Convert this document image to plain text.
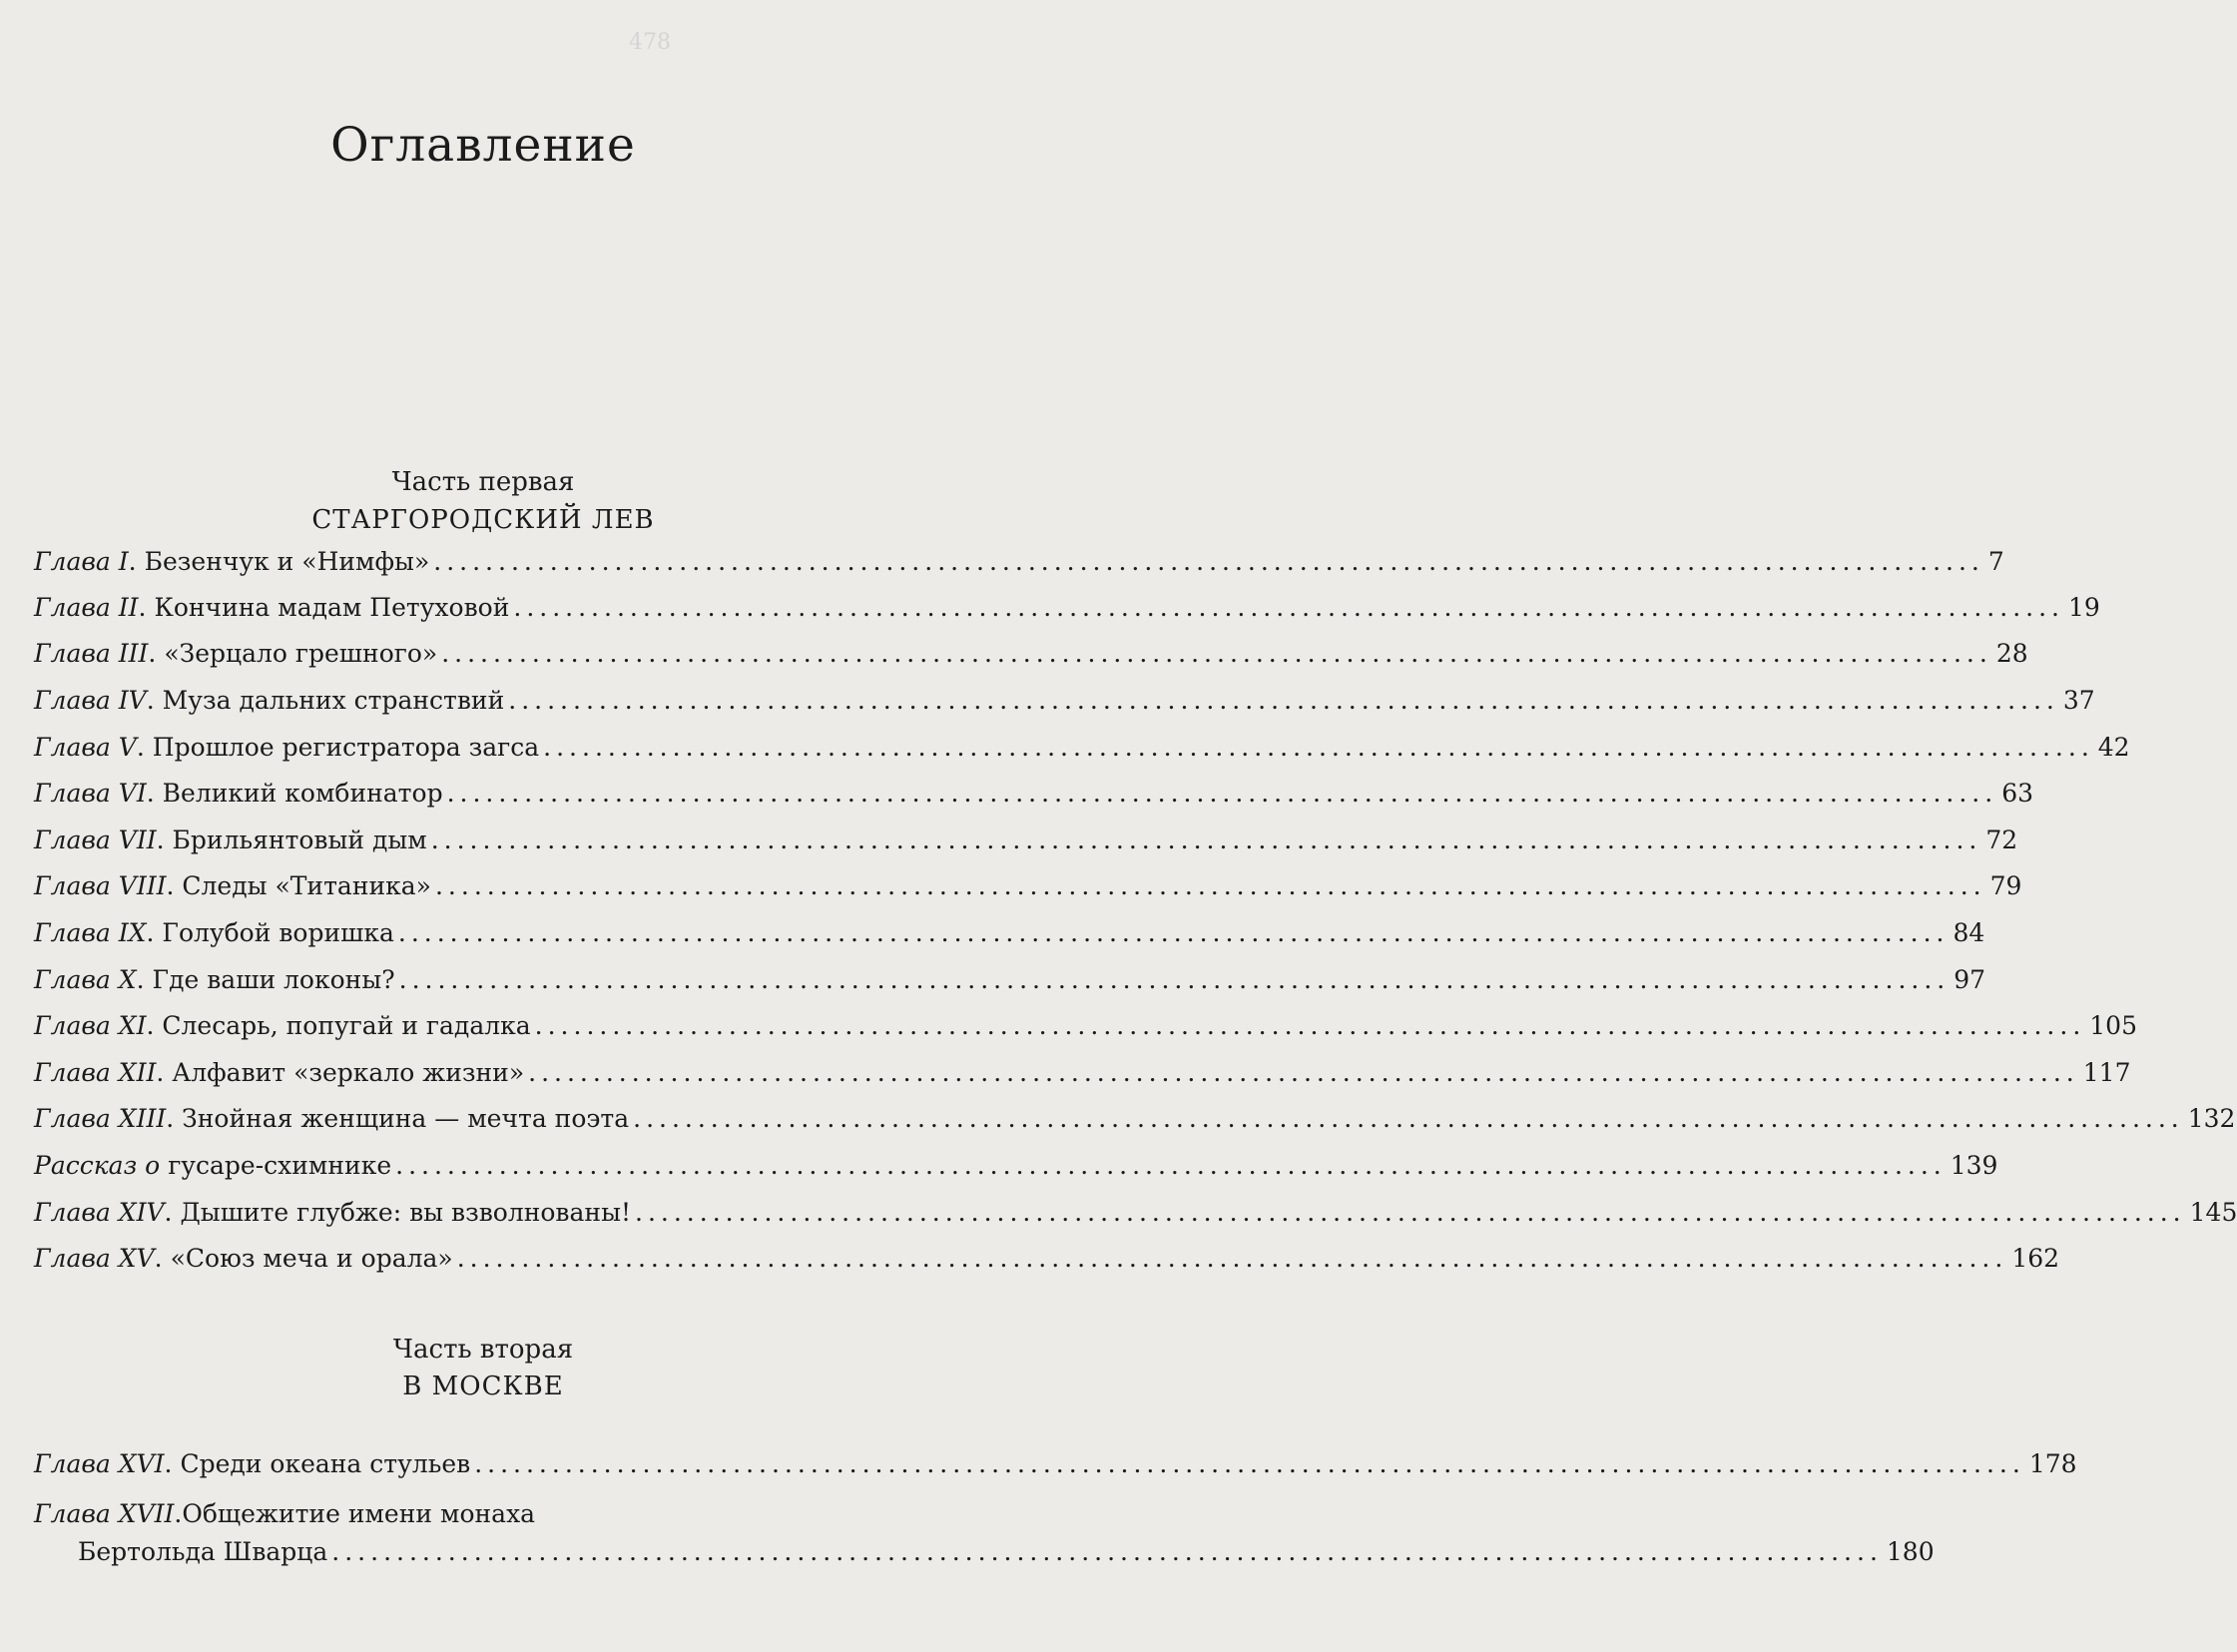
478
Оглавление
Часть первая
СТАРГОРОДСКИЙ ЛЕВ
Глава I . Безенчук и «Нимфы» ........................................................................................................................ 7
Глава II . Кончина мадам Петуховой ........................................................................................................................ 19
Глава III . «Зерцало грешного» ........................................................................................................................ 28
Глава IV . Муза дальних странствий ........................................................................................................................ 37
Глава V . Прошлое регистратора загса ........................................................................................................................ 42
Глава VI . Великий комбинатор ........................................................................................................................ 63
Глава VII . Брильянтовый дым ........................................................................................................................ 72
Глава VIII . Следы «Титаника» ........................................................................................................................ 79
Глава IX . Голубой воришка ........................................................................................................................ 84
Глава X . Где ваши локоны? ........................................................................................................................ 97
Глава XI . Слесарь, попугай и гадалка ........................................................................................................................ 105
Глава XII . Алфавит «зеркало жизни» ........................................................................................................................ 117
Глава XIII . Знойная женщина — мечта поэта ........................................................................................................................ 132
Рассказ о гусаре-схимнике ........................................................................................................................ 139
Глава XIV . Дышите глубже: вы взволнованы! ........................................................................................................................ 145
Глава XV . «Союз меча и орала» ........................................................................................................................ 162
Часть вторая
В МОСКВЕ
Глава XVI . Среди океана стульев ........................................................................................................................ 178
Глава XVII.Общежитие имени монаха
Бертольда Шварца ........................................................................................................................ 180
